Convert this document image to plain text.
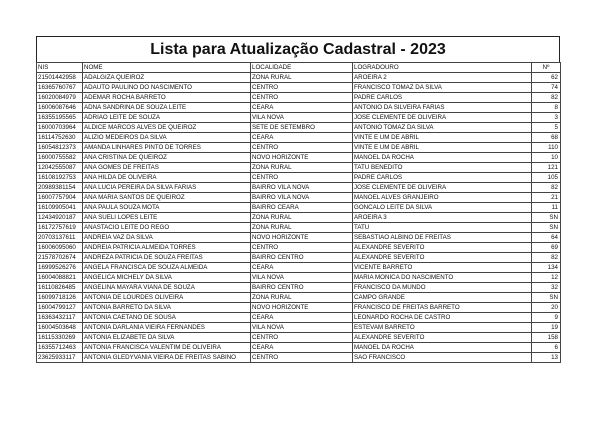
Lista para Atualização Cadastral - 2023
NIS	NOME	LOCALIDADE	LOGRADOURO	Nº
21501442958	ADALGIZA QUEIROZ	ZONA RURAL	AROEIRA 2	62
16365760767	ADAUTO PAULINO DO NASCIMENTO	CENTRO	FRANCISCO TOMAZ DA SILVA	74
16020084979	ADEMAR ROCHA BARRETO	CENTRO	PADRE CARLOS	82
16006087646	ADNA SANDRINA DE SOUZA LEITE	CEARA	ANTONIO DA SILVEIRA FARIAS	8
16355195565	ADRIAO LEITE DE SOUZA	VILA NOVA	JOSE CLEMENTE DE OLIVEIRA	3
16000703964	ALDICE MARCOS ALVES DE QUEIROZ	SETE DE SETEMBRO	ANTONIO TOMAZ DA SILVA	5
16114752630	ALIZIO MEDEIROS DA SILVA	CEARA	VINTE E UM DE ABRIL	68
16054812373	AMANDA LINHARES PINTO DE TORRES	CENTRO	VINTE E UM DE ABRIL	110
16000755582	ANA CRISTINA DE QUEIROZ	NOVO HORIZONTE	MANOEL DA ROCHA	10
12042555087	ANA GOMES DE FREITAS	ZONA RURAL	TATU BENEDITO	121
16108192753	ANA HILDA DE OLIVEIRA	CENTRO	PADRE CARLOS	105
20989381154	ANA LUCIA PEREIRA DA SILVA FARIAS	BAIRRO VILA NOVA	JOSE CLEMENTE DE OLIVEIRA	82
16007757904	ANA MARIA SANTOS DE QUEIROZ	BAIRRO VILA NOVA	MANOEL ALVES GRANJEIRO	21
16109905041	ANA PAULA SOUZA MOTA	BAIRRO CEARA	GONCALO LEITE DA SILVA	11
12434920187	ANA SUELI LOPES LEITE	ZONA RURAL	AROEIRA 3	SN
16172757619	ANASTACIO LEITE DO REGO	ZONA RURAL	TATU	SN
20703137611	ANDREIA VAZ DA SILVA	NOVO HORIZONTE	SEBASTIAO ALBINO DE FREITAS	64
16006095060	ANDREIA PATRICIA ALMEIDA TORRES	CENTRO	ALEXANDRE SEVERITO	69
21578702674	ANDREZA PATRICIA DE SOUZA FREITAS	BAIRRO CENTRO	ALEXANDRE SEVERITO	82
16999526276	ANGELA FRANCISCA DE SOUZA ALMEIDA	CEARA	VICENTE BARRETO	134
16004088821	ANGELICA MICHELY DA SILVA	VILA NOVA	MARIA MONICA DO NASCIMENTO	12
16110826485	ANGELINA MAYARA VIANA DE SOUZA	BAIRRO CENTRO	FRANCISCO DA MUNDO	32
16099718126	ANTONIA DE LOURDES OLIVEIRA	ZONA RURAL	CAMPO GRANDE	SN
16004799127	ANTONIA BARRETO DA SILVA	NOVO HORIZONTE	FRANCISCO DE FREITAS BARRETO	20
16363432117	ANTONIA CAETANO DE SOUSA	CEARA	LEONARDO ROCHA DE CASTRO	9
16004503648	ANTONIA DARLANIA VIEIRA FERNANDES	VILA NOVA	ESTEVAM BARRETO	19
16115330269	ANTONIA ELIZABETE DA SILVA	CENTRO	ALEXANDRE SEVERITO	158
16355712463	ANTONIA FRANCISCA VALENTIM DE OLIVEIRA	CEARA	MANOEL DA ROCHA	6
23625933117	ANTONIA GLEDYVANIA VIEIRA DE FREITAS SABINO	CENTRO	SAO FRANCISCO	13
